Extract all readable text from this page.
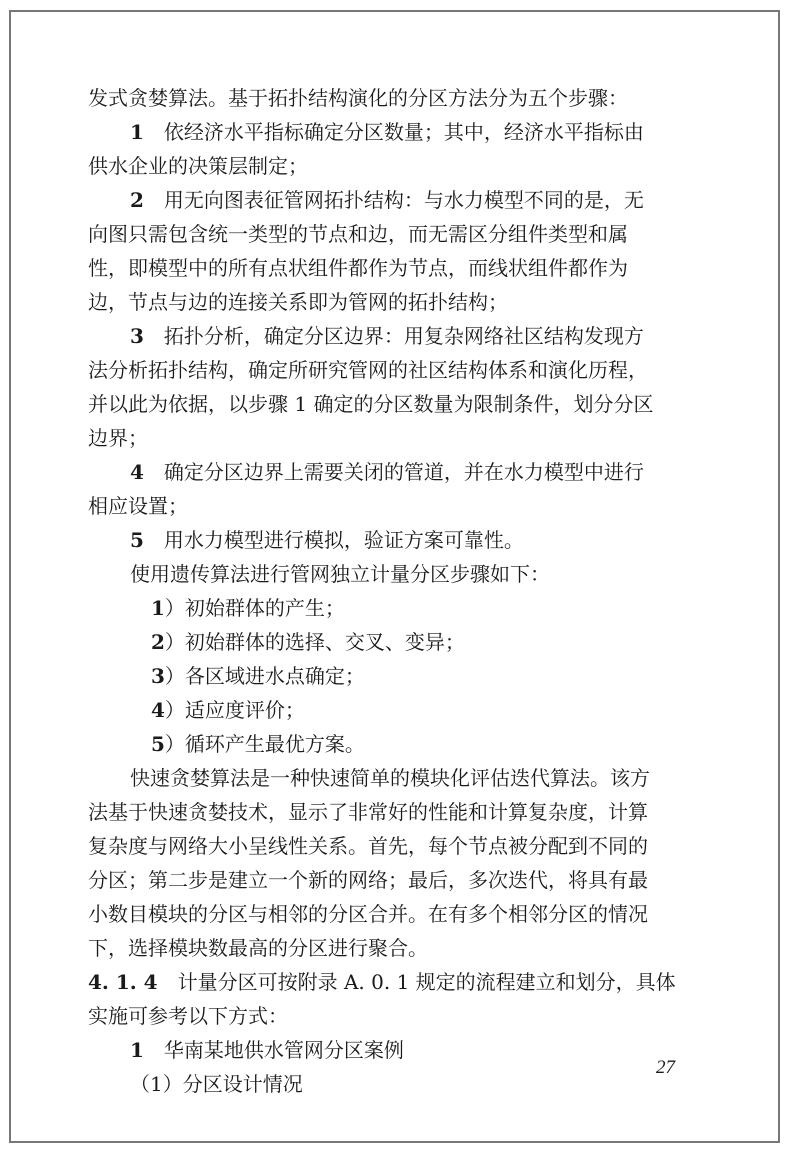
发式贪婪算法。基于拓扑结构演化的分区方法分为五个步骤：
1　 依经济水平指标确定分区数量；其中，经济水平指标由
供水企业的决策层制定；
2　 用无向图表征管网拓扑结构：与水力模型不同的是，无
向图只需包含统一类型的节点和边，而无需区分组件类型和属
性，即模型中的所有点状组件都作为节点，而线状组件都作为
边，节点与边的连接关系即为管网的拓扑结构；
3　 拓扑分析，确定分区边界：用复杂网络社区结构发现方
法分析拓扑结构，确定所研究管网的社区结构体系和演化历程，
并以此为依据，以步骤 1 确定的分区数量为限制条件，划分分区
边界；
4　 确定分区边界上需要关闭的管道，并在水力模型中进行
相应设置；
5　 用水力模型进行模拟，验证方案可靠性。
使用遗传算法进行管网独立计量分区步骤如下：
1）初始群体的产生；
2）初始群体的选择、交叉、变异；
3）各区域进水点确定；
4）适应度评价；
5）循环产生最优方案。
快速贪婪算法是一种快速简单的模块化评估迭代算法。该方
法基于快速贪婪技术，显示了非常好的性能和计算复杂度，计算
复杂度与网络大小呈线性关系。首先，每个节点被分配到不同的
分区；第二步是建立一个新的网络；最后，多次迭代，将具有最
小数目模块的分区与相邻的分区合并。在有多个相邻分区的情况
下，选择模块数最高的分区进行聚合。
4. 1. 4　 计量分区可按附录 A. 0. 1 规定的流程建立和划分，具体
实施可参考以下方式：
1　 华南某地供水管网分区案例
（1）分区设计情况
27
